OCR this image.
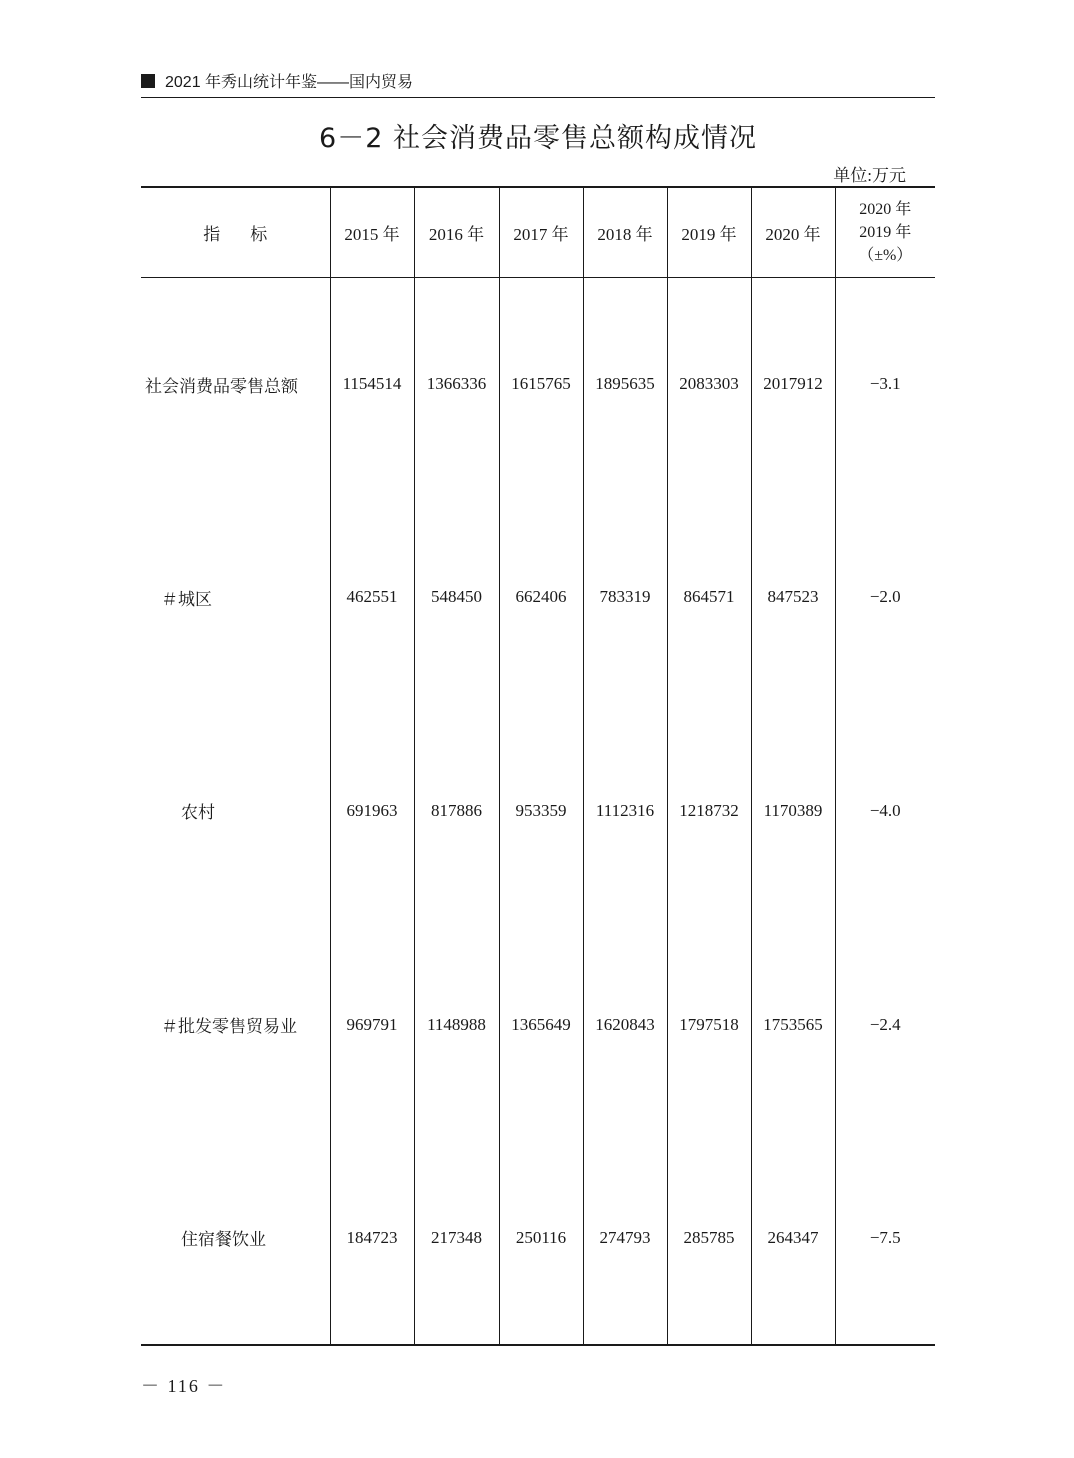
2021 年秀山统计年鉴——国内贸易
6－2 社会消费品零售总额构成情况
单位:万元
指标	2015 年	2016 年	2017 年	2018 年	2019 年	2020 年	2020 年
2019 年
（±%）

社会消费品零售总额	1154514	1366336	1615765	1895635	2083303	2017912	−3.1
＃城区	462551	548450	662406	783319	864571	847523	−2.0
农村	691963	817886	953359	1112316	1218732	1170389	−4.0
＃批发零售贸易业	969791	1148988	1365649	1620843	1797518	1753565	−2.4
住宿餐饮业	184723	217348	250116	274793	285785	264347	−7.5
－ 116 －
